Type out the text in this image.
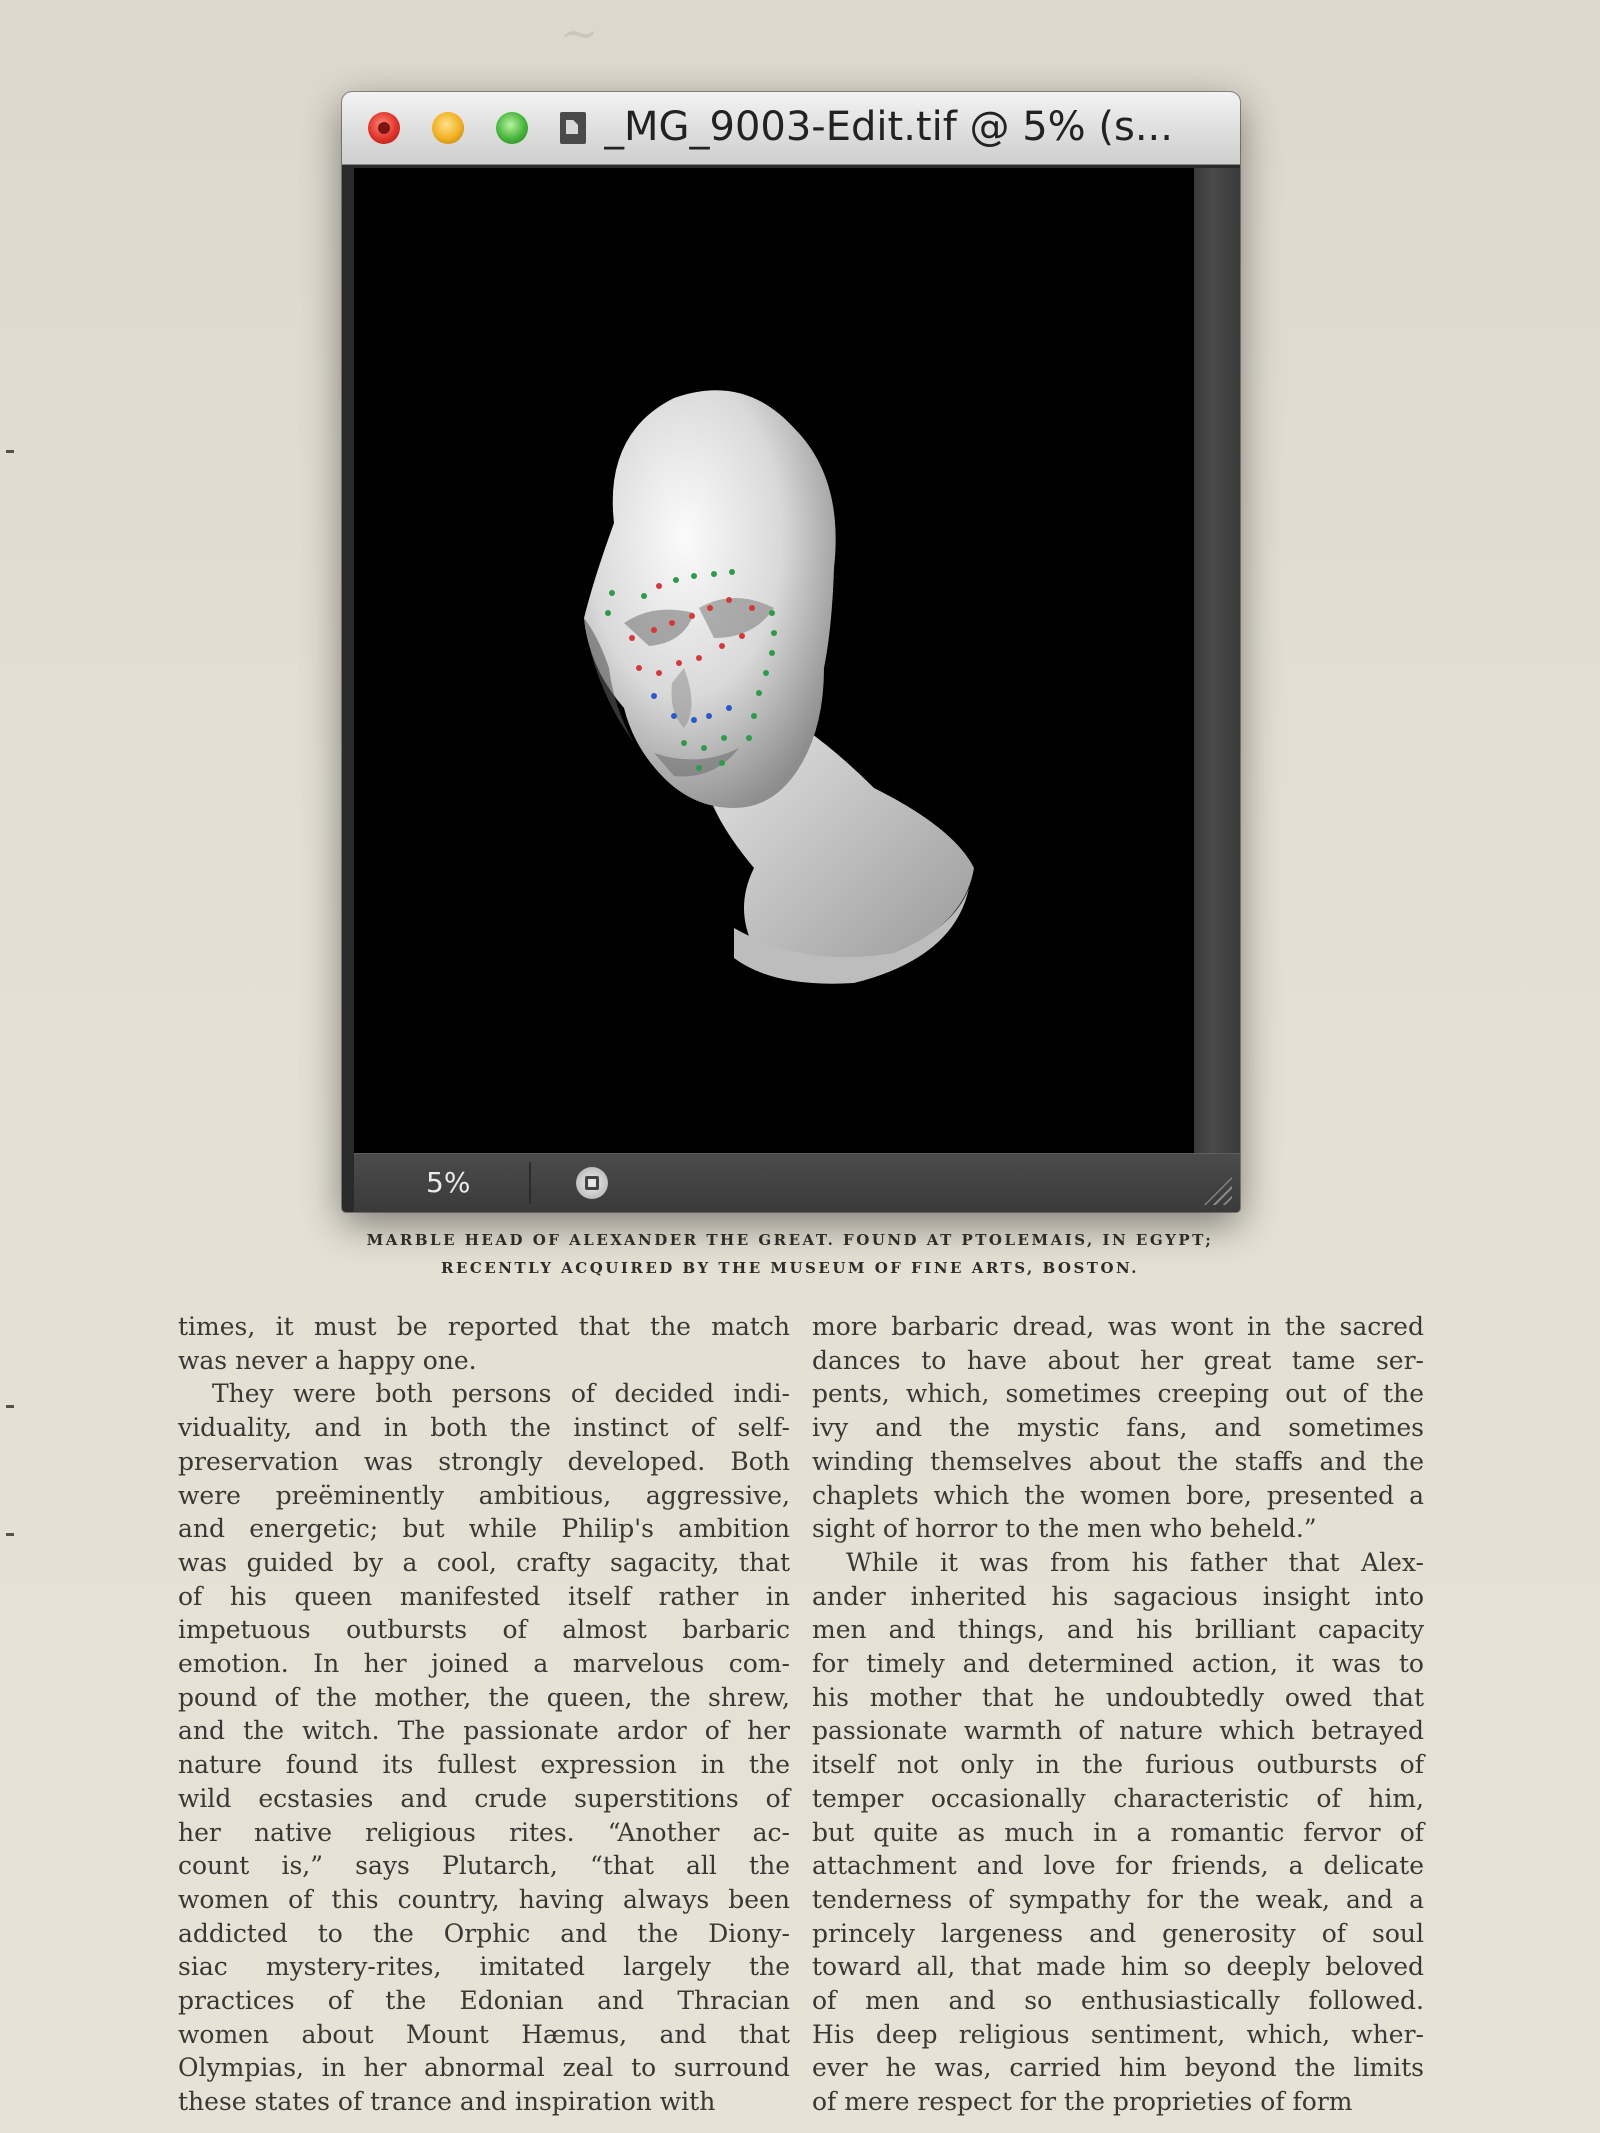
~
_MG_9003-Edit.tif @ 5% (s...
5%
MARBLE HEAD OF ALEXANDER THE GREAT. FOUND AT PTOLEMAIS, IN EGYPT;
RECENTLY ACQUIRED BY THE MUSEUM OF FINE ARTS, BOSTON.
times, it must be reported that the match
was never a happy one.
They were both persons of decided indi-
viduality, and in both the instinct of self-
preservation was strongly developed. Both
were preëminently ambitious, aggressive,
and energetic; but while Philip's ambition
was guided by a cool, crafty sagacity, that
of his queen manifested itself rather in
impetuous outbursts of almost barbaric
emotion. In her joined a marvelous com-
pound of the mother, the queen, the shrew,
and the witch. The passionate ardor of her
nature found its fullest expression in the
wild ecstasies and crude superstitions of
her native religious rites. “Another ac-
count is,” says Plutarch, “that all the
women of this country, having always been
addicted to the Orphic and the Diony-
siac mystery-rites, imitated largely the
practices of the Edonian and Thracian
women about Mount Hæmus, and that
Olympias, in her abnormal zeal to surround
these states of trance and inspiration with
more barbaric dread, was wont in the sacred
dances to have about her great tame ser-
pents, which, sometimes creeping out of the
ivy and the mystic fans, and sometimes
winding themselves about the staffs and the
chaplets which the women bore, presented a
sight of horror to the men who beheld.”
While it was from his father that Alex-
ander inherited his sagacious insight into
men and things, and his brilliant capacity
for timely and determined action, it was to
his mother that he undoubtedly owed that
passionate warmth of nature which betrayed
itself not only in the furious outbursts of
temper occasionally characteristic of him,
but quite as much in a romantic fervor of
attachment and love for friends, a delicate
tenderness of sympathy for the weak, and a
princely largeness and generosity of soul
toward all, that made him so deeply beloved
of men and so enthusiastically followed.
His deep religious sentiment, which, wher-
ever he was, carried him beyond the limits
of mere respect for the proprieties of form
